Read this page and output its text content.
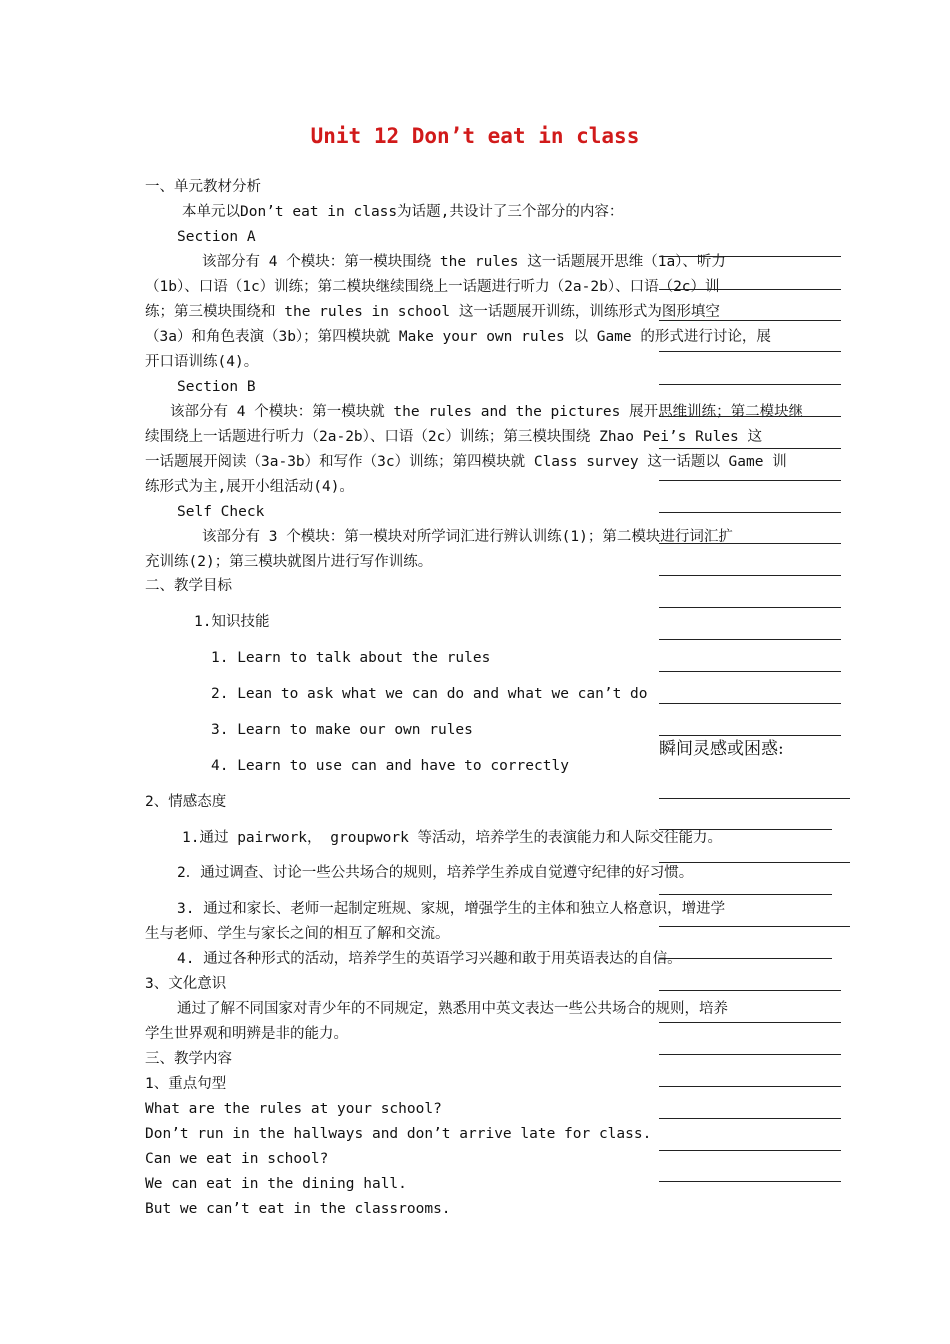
Unit 12 Don’t eat in class
一、单元教材分析
本单元以Don’t eat in class为话题,共设计了三个部分的内容：
Section A
该部分有 4 个模块：第一模块围绕 the rules 这一话题展开思维（1a）、听力
（1b）、口语（1c）训练；第二模块继续围绕上一话题进行听力（2a-2b）、口语（2c）训
练；第三模块围绕和 the rules in school 这一话题展开训练，训练形式为图形填空
（3a）和角色表演（3b）；第四模块就 Make your own rules 以 Game 的形式进行讨论，展
开口语训练(4)。
Section B
该部分有 4 个模块：第一模块就 the rules and the pictures 展开思维训练；第二模块继
续围绕上一话题进行听力（2a-2b）、口语（2c）训练；第三模块围绕 Zhao Pei’s Rules 这
一话题展开阅读（3a-3b）和写作（3c）训练；第四模块就 Class survey 这一话题以 Game 训
练形式为主,展开小组活动(4)。
Self Check
该部分有 3 个模块：第一模块对所学词汇进行辨认训练(1)；第二模块进行词汇扩
充训练(2)；第三模块就图片进行写作训练。
二、教学目标
1.知识技能
1. Learn to talk about the rules
2. Lean to ask what we can do and what we can’t do
3. Learn to make our own rules
4. Learn to use can and have to correctly
2、情感态度
1.通过 pairwork， groupwork 等活动，培养学生的表演能力和人际交往能力。
2．通过调查、讨论一些公共场合的规则，培养学生养成自觉遵守纪律的好习惯。
3. 通过和家长、老师一起制定班规、家规，增强学生的主体和独立人格意识，增进学
生与老师、学生与家长之间的相互了解和交流。
4. 通过各种形式的活动，培养学生的英语学习兴趣和敢于用英语表达的自信。
3、文化意识
通过了解不同国家对青少年的不同规定，熟悉用中英文表达一些公共场合的规则，培养
学生世界观和明辨是非的能力。
三、教学内容
1、重点句型
What are the rules at your school?
Don’t run in the hallways and don’t arrive late for class.
Can we eat in school?
We can eat in the dining hall.
But we can’t eat in the classrooms.
瞬间灵感或困惑:
